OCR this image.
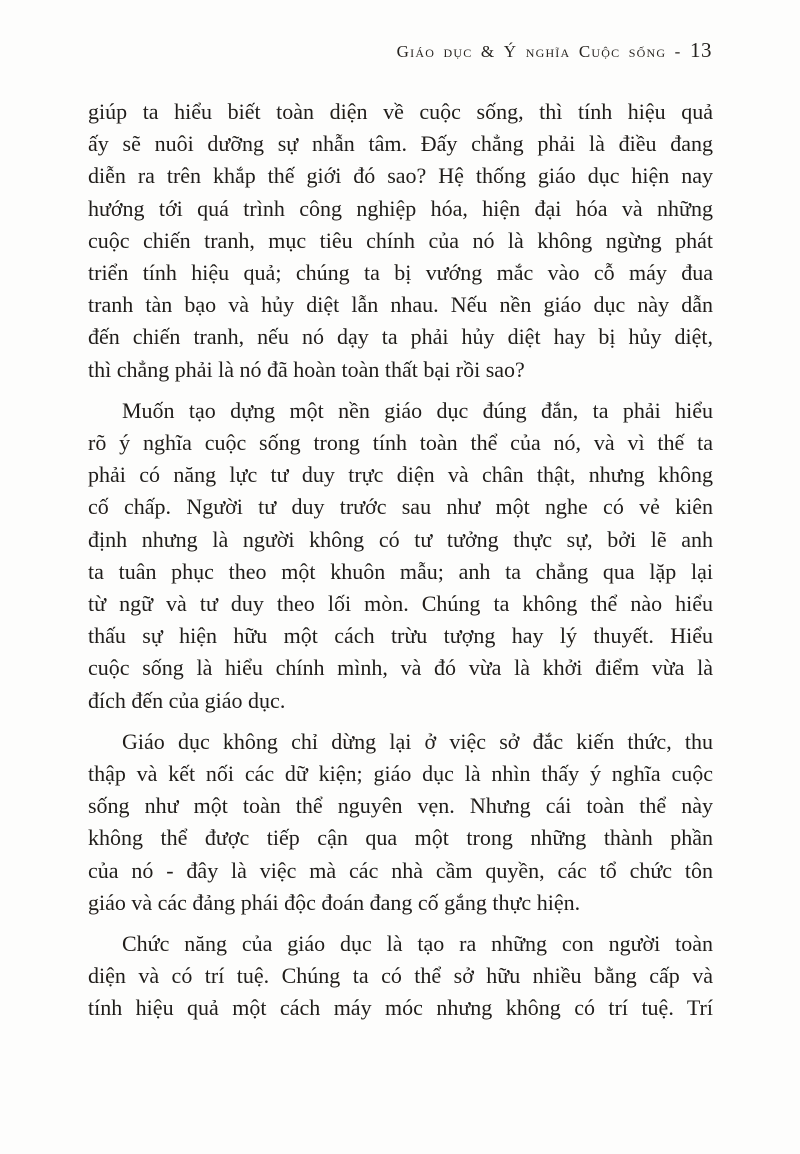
Giáo dục & Ý nghĩa Cuộc sống - 13

giúp ta hiểu biết toàn diện về cuộc sống, thì tính hiệu quả
ấy sẽ nuôi dưỡng sự nhẫn tâm. Đấy chẳng phải là điều đang
diễn ra trên khắp thế giới đó sao? Hệ thống giáo dục hiện nay
hướng tới quá trình công nghiệp hóa, hiện đại hóa và những
cuộc chiến tranh, mục tiêu chính của nó là không ngừng phát
triển tính hiệu quả; chúng ta bị vướng mắc vào cỗ máy đua
tranh tàn bạo và hủy diệt lẫn nhau. Nếu nền giáo dục này dẫn
đến chiến tranh, nếu nó dạy ta phải hủy diệt hay bị hủy diệt,
thì chẳng phải là nó đã hoàn toàn thất bại rồi sao?

Muốn tạo dựng một nền giáo dục đúng đắn, ta phải hiểu
rõ ý nghĩa cuộc sống trong tính toàn thể của nó, và vì thế ta
phải có năng lực tư duy trực diện và chân thật, nhưng không
cố chấp. Người tư duy trước sau như một nghe có vẻ kiên
định nhưng là người không có tư tưởng thực sự, bởi lẽ anh
ta tuân phục theo một khuôn mẫu; anh ta chẳng qua lặp lại
từ ngữ và tư duy theo lối mòn. Chúng ta không thể nào hiểu
thấu sự hiện hữu một cách trừu tượng hay lý thuyết. Hiểu
cuộc sống là hiểu chính mình, và đó vừa là khởi điểm vừa là
đích đến của giáo dục.

Giáo dục không chỉ dừng lại ở việc sở đắc kiến thức, thu
thập và kết nối các dữ kiện; giáo dục là nhìn thấy ý nghĩa cuộc
sống như một toàn thể nguyên vẹn. Nhưng cái toàn thể này
không thể được tiếp cận qua một trong những thành phần
của nó - đây là việc mà các nhà cầm quyền, các tổ chức tôn
giáo và các đảng phái độc đoán đang cố gắng thực hiện.

Chức năng của giáo dục là tạo ra những con người toàn
diện và có trí tuệ. Chúng ta có thể sở hữu nhiều bằng cấp và
tính hiệu quả một cách máy móc nhưng không có trí tuệ. Trí
